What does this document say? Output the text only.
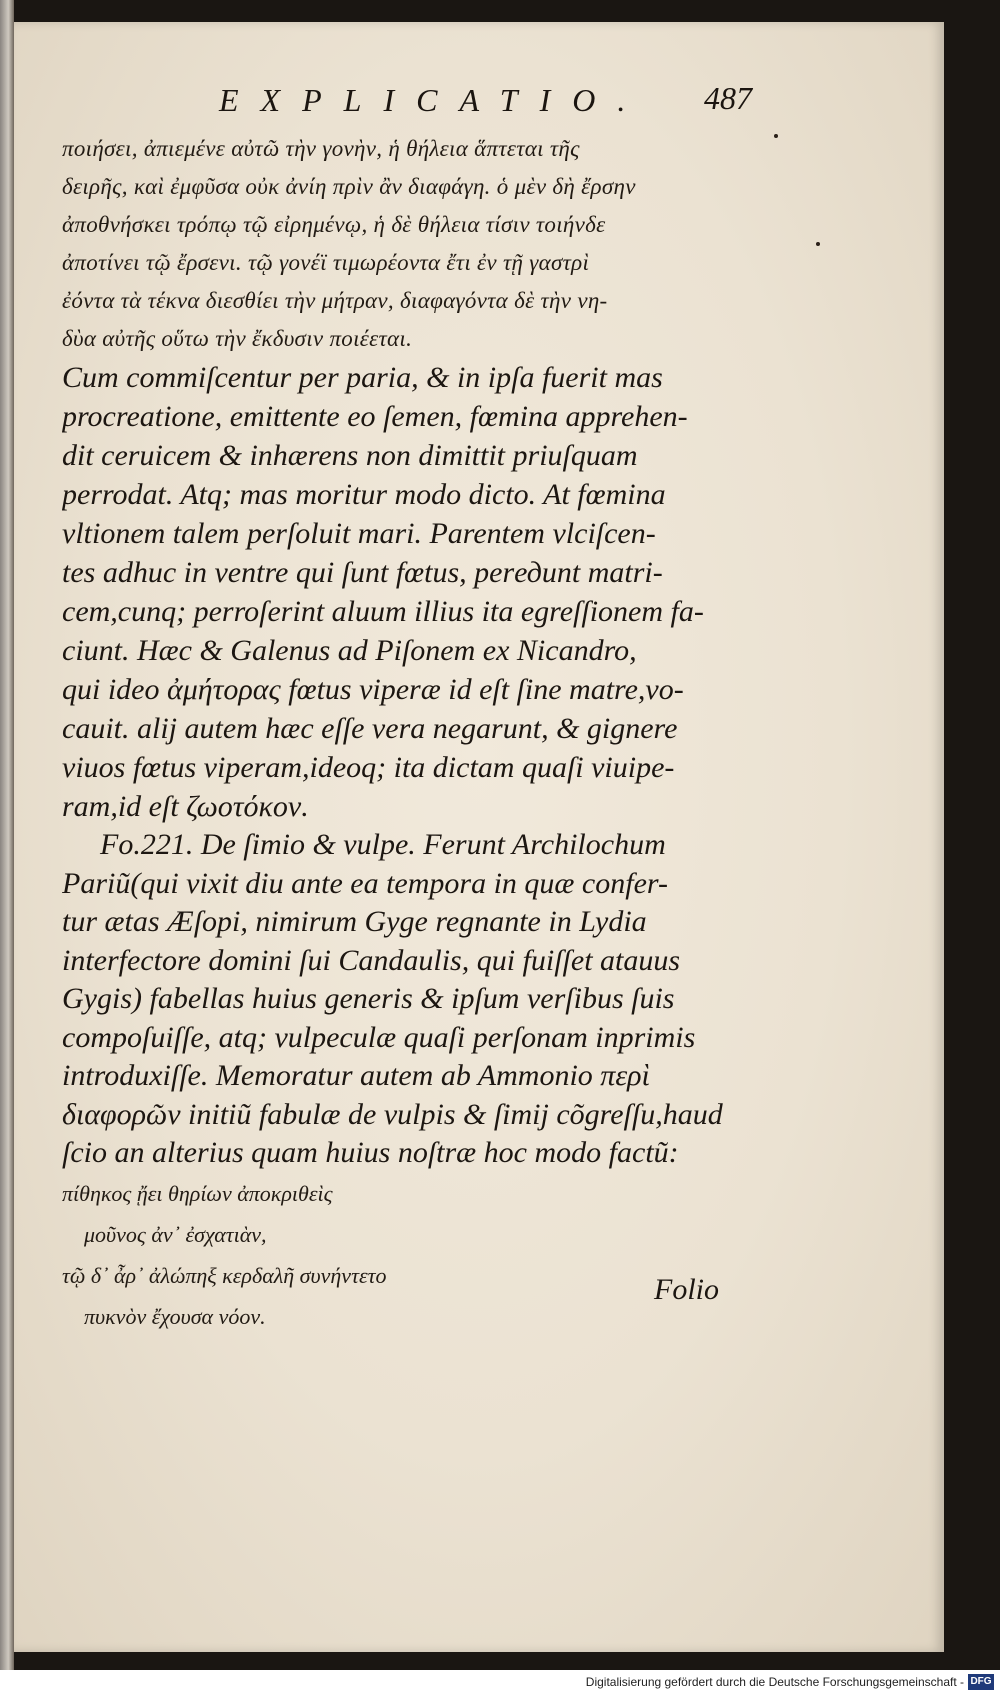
EXPLICATIO. 487
ποιήσει, ἀπιεμένε αὐτῶ τὴν γονὴν, ἡ θήλεια ἅπτεται τῆς
δειρῆς, καὶ ἐμφῦσα οὐκ ἀνίη πρὶν ἂν διαφάγη. ὁ μὲν δὴ ἔρσην
ἀποθνήσκει τρόπῳ τῷ εἰρημένῳ, ἡ δὲ θήλεια τίσιν τοιήνδε
ἀποτίνει τῷ ἔρσενι. τῷ γονέϊ τιμωρέοντα ἔτι ἐν τῇ γαστρὶ
ἐόντα τὰ τέκνα διεσθίει τὴν μήτραν, διαφαγόντα δὲ τὴν νη-
δὺα αὐτῆς οὕτω τὴν ἔκδυσιν ποιέεται.
Cum commiſcentur per paria, & in ipſa fuerit mas
procreatione, emittente eo ſemen, fœmina apprehen-
dit ceruicem & inhærens non dimittit priuſquam
perrodat. Atq; mas moritur modo dicto. At fœmina
vltionem talem perſoluit mari. Parentem vlciſcen-
tes adhuc in ventre qui ſunt fœtus, perедunt matri-
cem,cunq; perroſerint aluum illius ita egreſſionem fa-
ciunt. Hæc & Galenus ad Piſonem ex Nicandro,
qui ideo ἀμήτορας fœtus viperæ id eſt ſine matre,vo-
cauit. alij autem hæc eſſe vera negarunt, & gignere
viuos fœtus viperam,ideoq; ita dictam quaſi viuipe-
ram,id eſt ζωοτόκον.
Fo.221. De ſimio & vulpe. Ferunt Archilochum
Pariũ(qui vixit diu ante ea tempora in quæ confer-
tur ætas Æſopi, nimirum Gyge regnante in Lydia
interfectore domini ſui Candaulis, qui fuiſſet atauus
Gygis) fabellas huius generis & ipſum verſibus ſuis
compoſuiſſe, atq; vulpeculæ quaſi perſonam inprimis
introduxiſſe. Memoratur autem ab Ammonio περὶ
διαφορῶν initiũ fabulæ de vulpis & ſimij cõgreſſu,haud
ſcio an alterius quam huius noſtræ hoc modo factũ:
πίθηκος ᾔει θηρίων ἀποκριθεὶς
μοῦνος ἀν᾽ ἐσχατιὰν,
τῷ δ᾽ ἆρ᾽ ἀλώπηξ κερδαλῆ συνήντετο
πυκνὸν ἔχουσα νόον.
Folio
Digitalisierung gefördert durch die Deutsche Forschungsgemeinschaft - DFG
